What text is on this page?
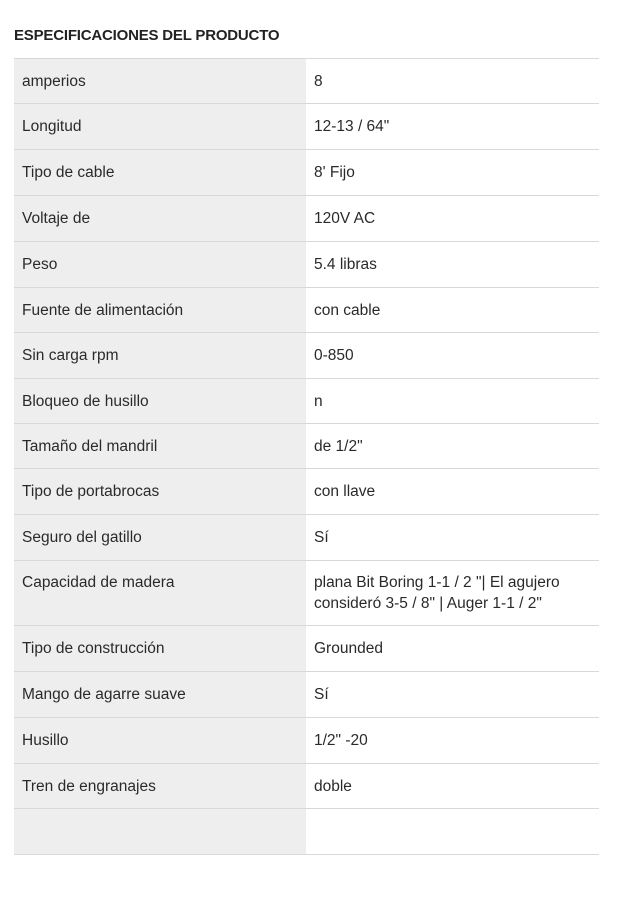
ESPECIFICACIONES DEL PRODUCTO
amperios	8
Longitud	12-13 / 64"
Tipo de cable	8' Fijo
Voltaje de	120V AC
Peso	5.4 libras
Fuente de alimentación	con cable
Sin carga rpm	0-850
Bloqueo de husillo	n
Tamaño del mandril	de 1/2"
Tipo de portabrocas	con llave
Seguro del gatillo	Sí
Capacidad de madera	plana Bit Boring 1-1 / 2 "| El agujero consideró 3-5 / 8" | Auger 1-1 / 2"
Tipo de construcción	Grounded
Mango de agarre suave	Sí
Husillo	1/2" -20
Tren de engranajes	doble
